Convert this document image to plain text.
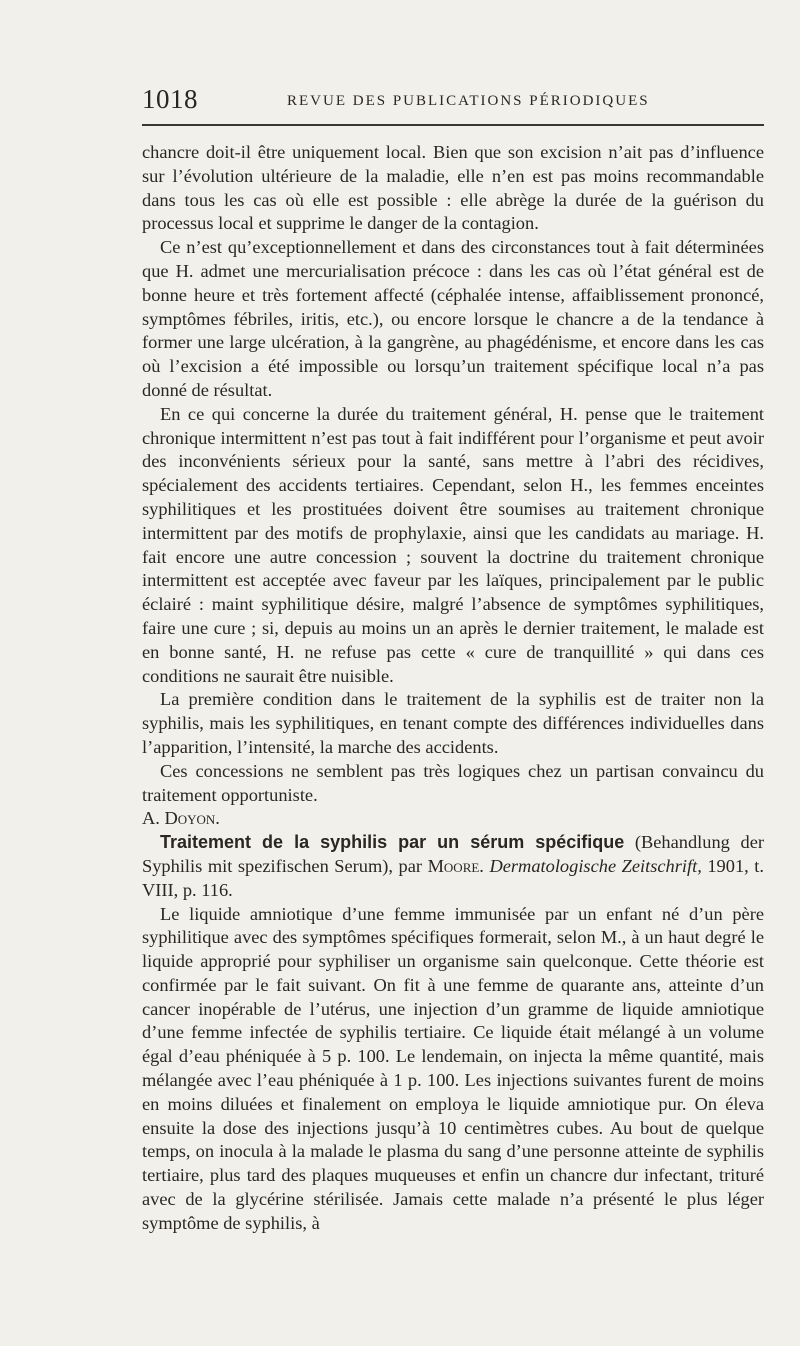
1018	REVUE DES PUBLICATIONS PÉRIODIQUES

chancre doit-il être uniquement local. Bien que son excision n’ait pas d’influence sur l’évolution ultérieure de la maladie, elle n’en est pas moins recommandable dans tous les cas où elle est possible : elle abrège la durée de la guérison du processus local et supprime le danger de la contagion.

Ce n’est qu’exceptionnellement et dans des circonstances tout à fait déterminées que H. admet une mercurialisation précoce : dans les cas où l’état général est de bonne heure et très fortement affecté (céphalée intense, affaiblissement prononcé, symptômes fébriles, iritis, etc.), ou encore lorsque le chancre a de la tendance à former une large ulcération, à la gangrène, au phagédénisme, et encore dans les cas où l’excision a été impossible ou lorsqu’un traitement spécifique local n’a pas donné de résultat.

En ce qui concerne la durée du traitement général, H. pense que le traitement chronique intermittent n’est pas tout à fait indifférent pour l’organisme et peut avoir des inconvénients sérieux pour la santé, sans mettre à l’abri des récidives, spécialement des accidents tertiaires. Cependant, selon H., les femmes enceintes syphilitiques et les prostituées doivent être soumises au traitement chronique intermittent par des motifs de prophylaxie, ainsi que les candidats au mariage. H. fait encore une autre concession ; souvent la doctrine du traitement chronique intermittent est acceptée avec faveur par les laïques, principalement par le public éclairé : maint syphilitique désire, malgré l’absence de symptômes syphilitiques, faire une cure ; si, depuis au moins un an après le dernier traitement, le malade est en bonne santé, H. ne refuse pas cette « cure de tranquillité » qui dans ces conditions ne saurait être nuisible.

La première condition dans le traitement de la syphilis est de traiter non la syphilis, mais les syphilitiques, en tenant compte des différences individuelles dans l’apparition, l’intensité, la marche des accidents.

Ces concessions ne semblent pas très logiques chez un partisan convaincu du traitement opportuniste.

A. Doyon.

Traitement de la syphilis par un sérum spécifique (Behandlung der Syphilis mit spezifischen Serum), par Moore. Dermatologische Zeitschrift, 1901, t. VIII, p. 116.

Le liquide amniotique d’une femme immunisée par un enfant né d’un père syphilitique avec des symptômes spécifiques formerait, selon M., à un haut degré le liquide approprié pour syphiliser un organisme sain quelconque. Cette théorie est confirmée par le fait suivant. On fit à une femme de quarante ans, atteinte d’un cancer inopérable de l’utérus, une injection d’un gramme de liquide amniotique d’une femme infectée de syphilis tertiaire. Ce liquide était mélangé à un volume égal d’eau phéniquée à 5 p. 100. Le lendemain, on injecta la même quantité, mais mélangée avec l’eau phéniquée à 1 p. 100. Les injections suivantes furent de moins en moins diluées et finalement on employa le liquide amniotique pur. On éleva ensuite la dose des injections jusqu’à 10 centimètres cubes. Au bout de quelque temps, on inocula à la malade le plasma du sang d’une personne atteinte de syphilis tertiaire, plus tard des plaques muqueuses et enfin un chancre dur infectant, trituré avec de la glycérine stérilisée. Jamais cette malade n’a présenté le plus léger symptôme de syphilis, à
